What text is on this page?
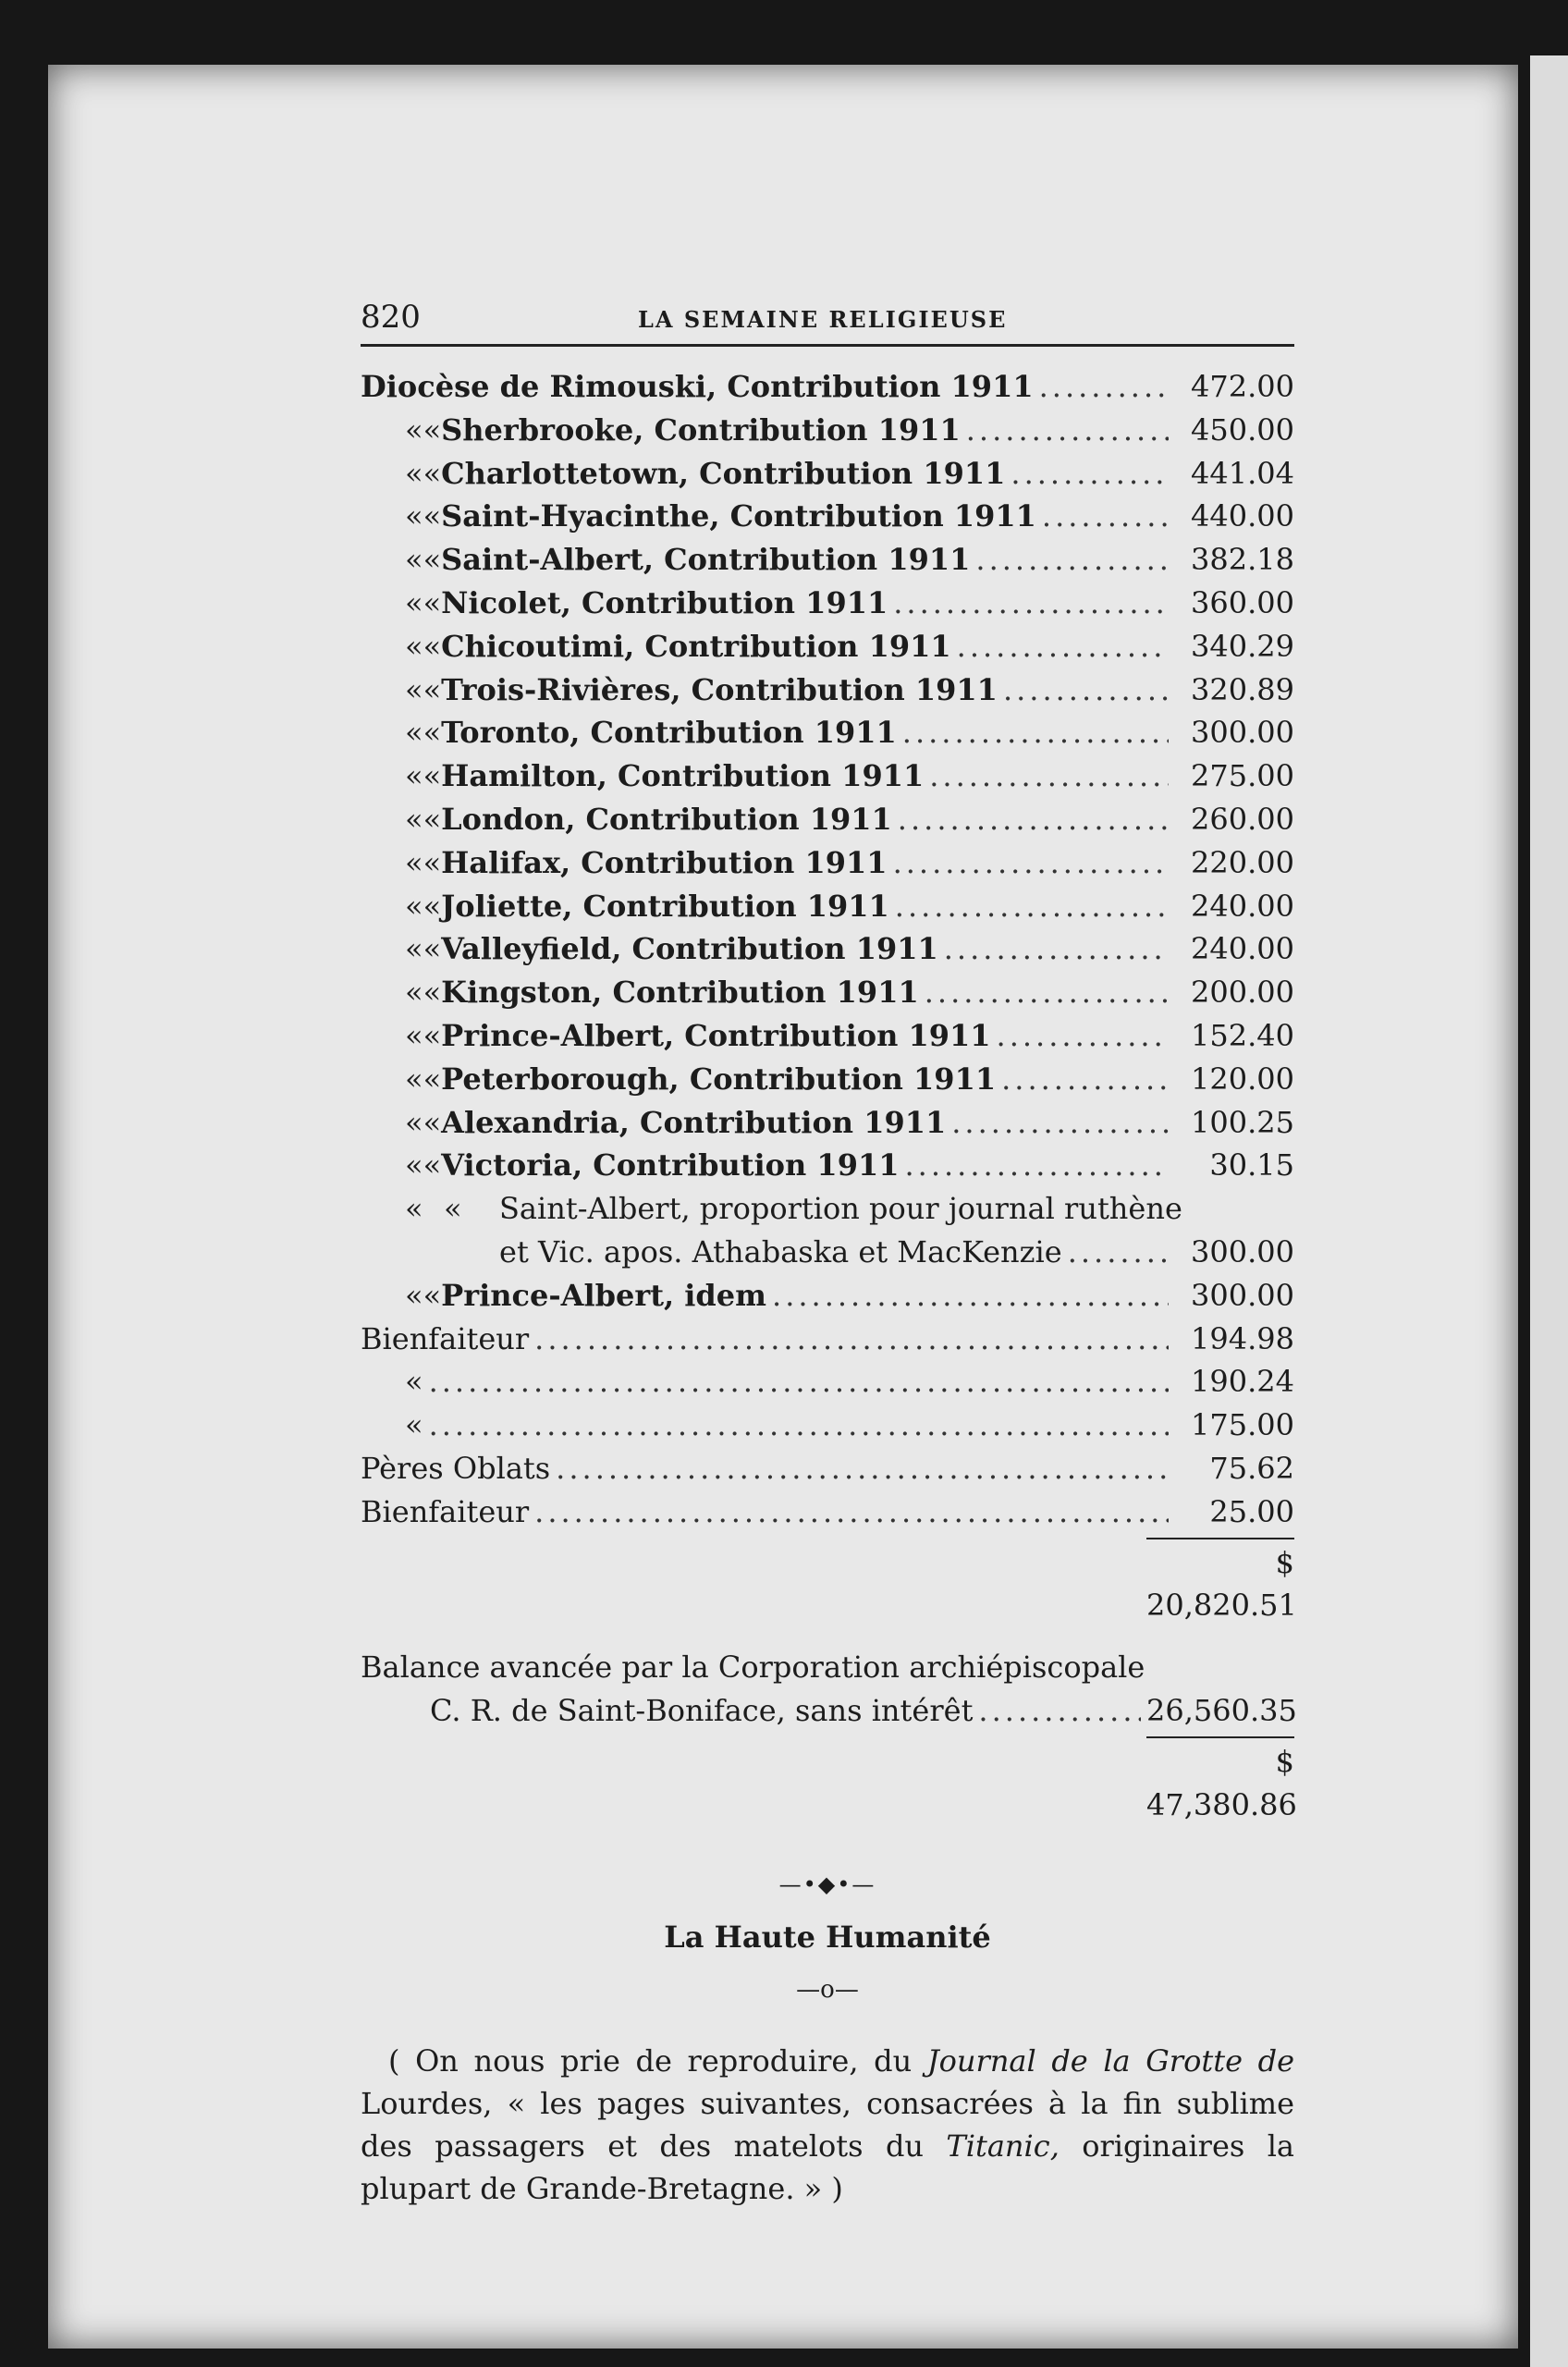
820	LA SEMAINE RELIGIEUSE
Diocèse de Rimouski, Contribution 1911 .....	472.00
« « Sherbrooke, Contribution 1911 .....	450.00
« « Charlottetown, Contribution 1911 .....	441.04
« « Saint-Hyacinthe, Contribution 1911 .....	440.00
« « Saint-Albert, Contribution 1911 .....	382.18
« « Nicolet, Contribution 1911 .....	360.00
« « Chicoutimi, Contribution 1911 .....	340.29
« « Trois-Rivières, Contribution 1911 .....	320.89
« « Toronto, Contribution 1911 .....	300.00
« « Hamilton, Contribution 1911 .....	275.00
« « London, Contribution 1911 .....	260.00
« « Halifax, Contribution 1911 .....	220.00
« « Joliette, Contribution 1911 .....	240.00
« « Valleyfield, Contribution 1911 .....	240.00
« « Kingston, Contribution 1911 .....	200.00
« « Prince-Albert, Contribution 1911 .....	152.40
« « Peterborough, Contribution 1911 .....	120.00
« « Alexandria, Contribution 1911 .....	100.25
« « Victoria, Contribution 1911 .....	30.15
« «	Saint-Albert, proportion pour journal ruthène
et Vic. apos. Athabaska et MacKenzie .....	300.00
« « Prince-Albert, idem .....	300.00
Bienfaiteur .....	194.98
« .....	190.24
« .....	175.00
Pères Oblats .....	75.62
Bienfaiteur .....	25.00
$ 20,820.51
Balance avancée par la Corporation archiépiscopale
C. R. de Saint-Boniface, sans intérêt .....	26,560.35
$ 47,380.86
—•◆•—
La Haute Humanité
—o—
( On nous prie de reproduire, du Journal de la Grotte de Lourdes, « les pages suivantes, consacrées à la fin sublime des passagers et des matelots du Titanic, originaires la plupart de Grande-Bretagne. » )
